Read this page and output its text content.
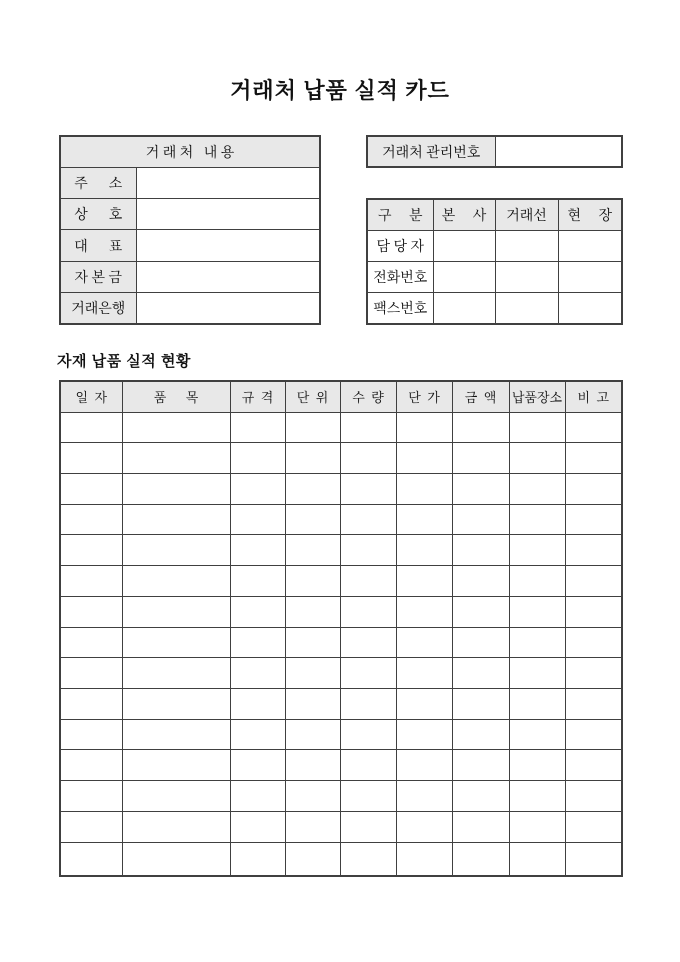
거래처 납품 실적 카드
거 래 처   내 용	
주      소	
상      호	
대      표	
자 본 금	
거래은행	
거래처 관리번호	
구     분	본     사	거래선	현     장
담 당 자			
전화번호			
팩스번호			
자재 납품 실적 현황
일  자	품      목	규  격	단  위	수  량	단  가	금  액	납품장소	비  고
